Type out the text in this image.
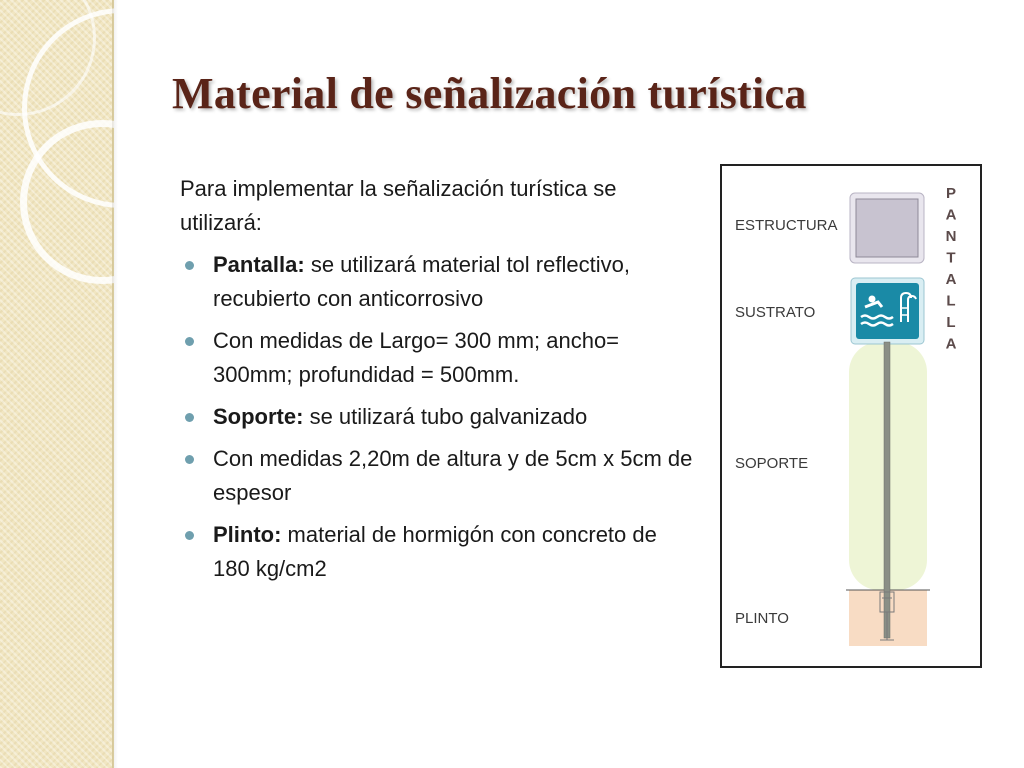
Material de señalización turística

Para implementar la señalización turística se utilizará:

Pantalla: se utilizará material tol reflectivo, recubierto con anticorrosivo
Con medidas de Largo= 300 mm; ancho= 300mm; profundidad = 500mm.
Soporte: se utilizará tubo galvanizado
Con medidas 2,20m de altura y de 5cm x 5cm de espesor
Plinto: material de hormigón con concreto de 180 kg/cm2
ESTRUCTURA
SUSTRATO
SOPORTE
PLINTO
P
A
N
T
A
L
L
A
